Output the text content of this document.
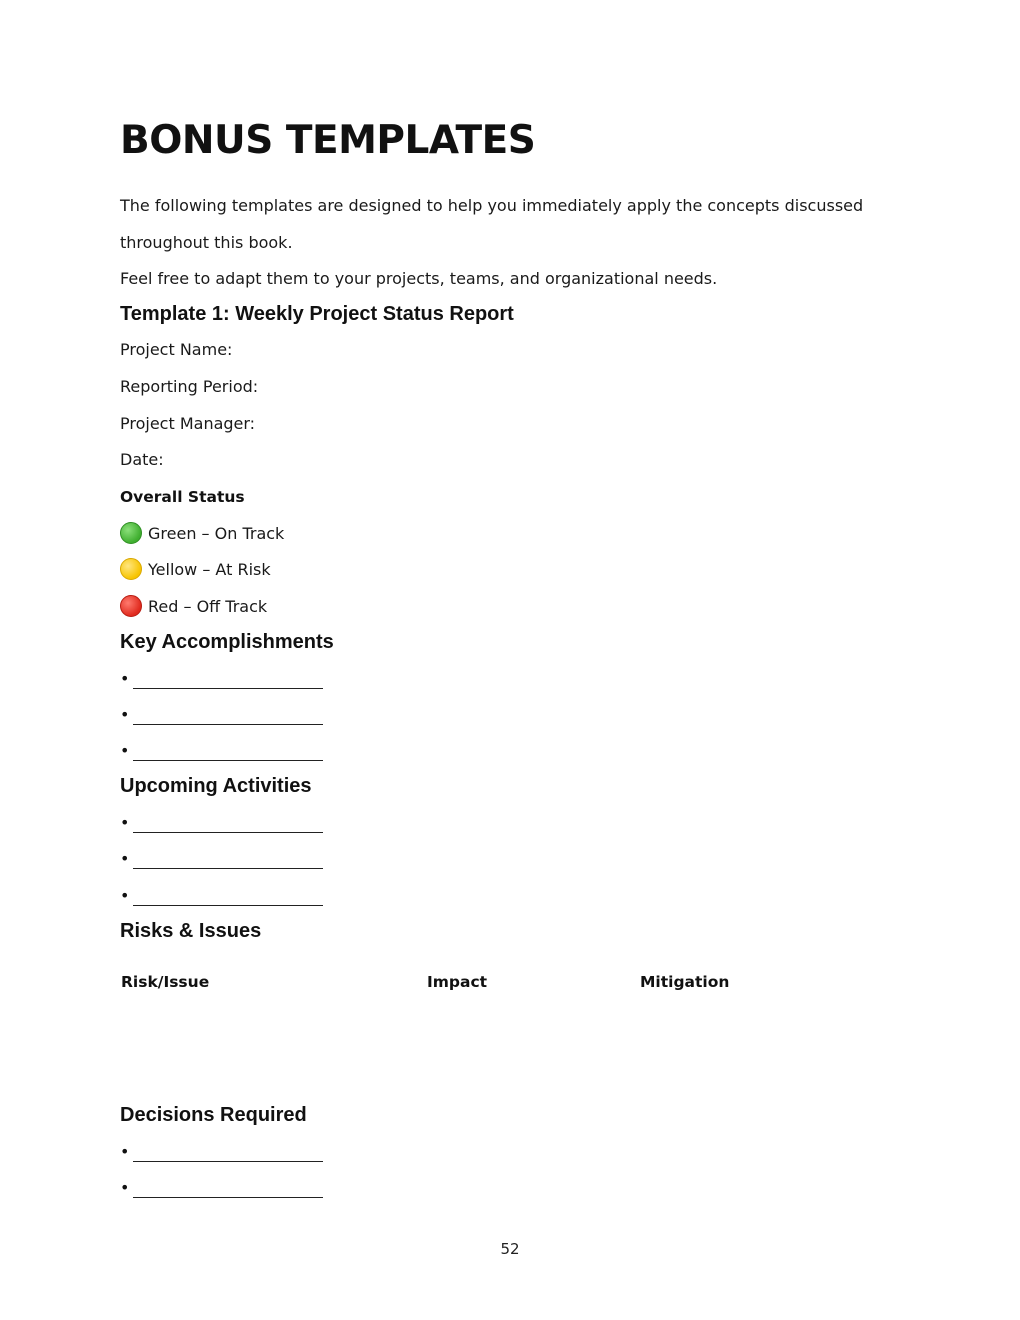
BONUS TEMPLATES
The following templates are designed to help you immediately apply the concepts discussed
throughout this book.
Feel free to adapt them to your projects, teams, and organizational needs.
Template 1: Weekly Project Status Report
Project Name:
Reporting Period:
Project Manager:
Date:
Overall Status
Green – On Track
Yellow – At Risk
Red – Off Track
Key Accomplishments
•
•
•
Upcoming Activities
•
•
•
Risks & Issues
Risk/Issue	Impact	Mitigation
Decisions Required
•
•
52
